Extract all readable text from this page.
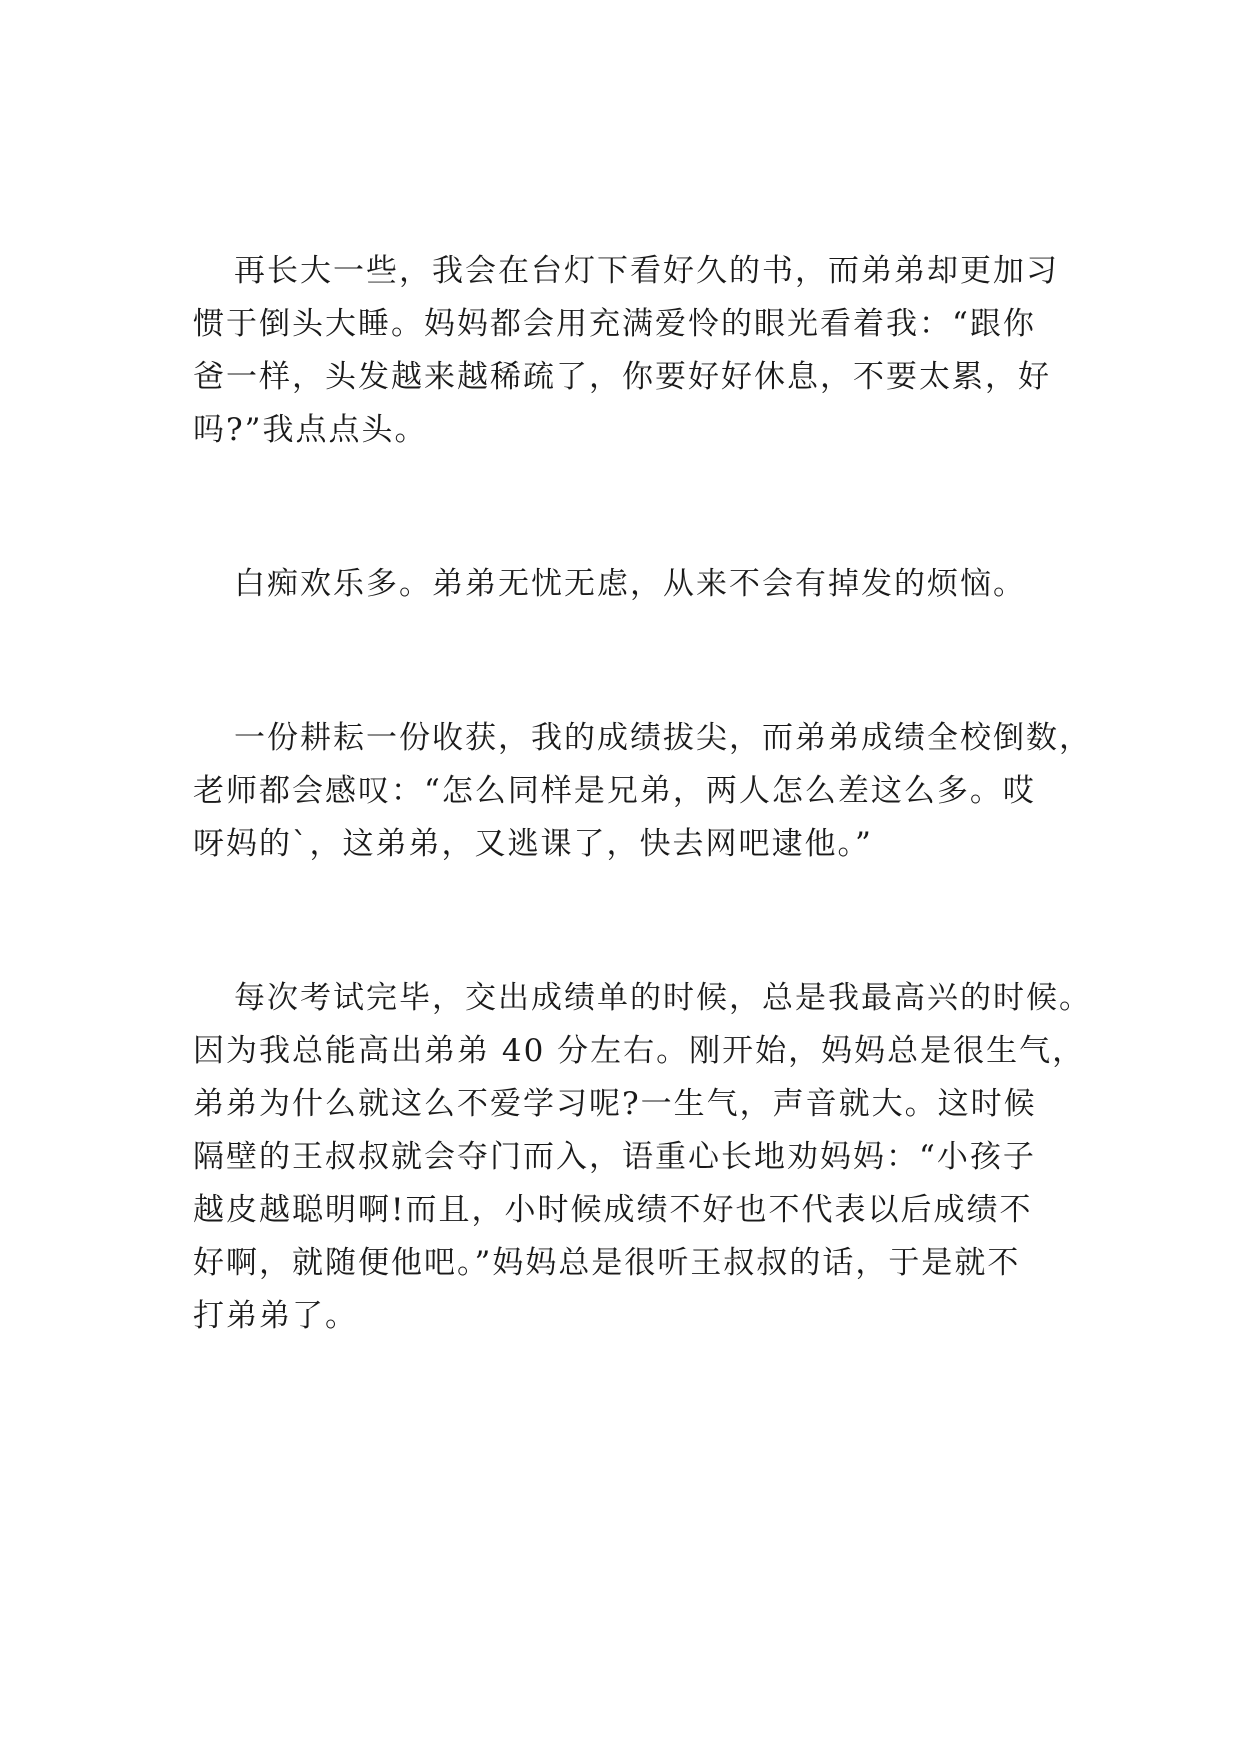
再长大一些，我会在台灯下看好久的书，而弟弟却更加习
惯于倒头大睡。妈妈都会用充满爱怜的眼光看着我：“跟你
爸一样，头发越来越稀疏了，你要好好休息，不要太累，好
吗?”我点点头。
白痴欢乐多。弟弟无忧无虑，从来不会有掉发的烦恼。
一份耕耘一份收获，我的成绩拔尖，而弟弟成绩全校倒数，
老师都会感叹：“怎么同样是兄弟，两人怎么差这么多。哎
呀妈的`，这弟弟，又逃课了，快去网吧逮他。”
每次考试完毕，交出成绩单的时候，总是我最高兴的时候。
因为我总能高出弟弟 40 分左右。刚开始，妈妈总是很生气，
弟弟为什么就这么不爱学习呢?一生气，声音就大。这时候
隔壁的王叔叔就会夺门而入，语重心长地劝妈妈：“小孩子
越皮越聪明啊!而且，小时候成绩不好也不代表以后成绩不
好啊，就随便他吧。”妈妈总是很听王叔叔的话，于是就不
打弟弟了。
